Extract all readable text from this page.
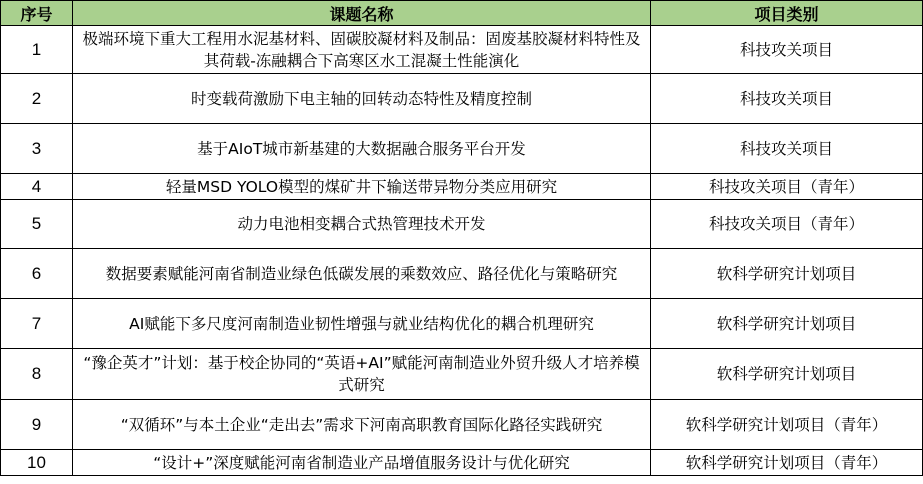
序号	课题名称	项目类别
1	极端环境下重大工程用水泥基材料、固碳胶凝材料及制品：固废基胶凝材料特性及其荷载-冻融耦合下高寒区水工混凝土性能演化	科技攻关项目
2	时变载荷激励下电主轴的回转动态特性及精度控制	科技攻关项目
3	基于AIoT城市新基建的大数据融合服务平台开发	科技攻关项目
4	轻量MSD YOLO模型的煤矿井下输送带异物分类应用研究	科技攻关项目（青年）
5	动力电池相变耦合式热管理技术开发	科技攻关项目（青年）
6	数据要素赋能河南省制造业绿色低碳发展的乘数效应、路径优化与策略研究	软科学研究计划项目
7	AI赋能下多尺度河南制造业韧性增强与就业结构优化的耦合机理研究	软科学研究计划项目
8	“豫企英才”计划：基于校企协同的“英语+AI”赋能河南制造业外贸升级人才培养模式研究	软科学研究计划项目
9	“双循环”与本土企业“走出去”需求下河南高职教育国际化路径实践研究	软科学研究计划项目（青年）
10	“设计+”深度赋能河南省制造业产品增值服务设计与优化研究	软科学研究计划项目（青年）
